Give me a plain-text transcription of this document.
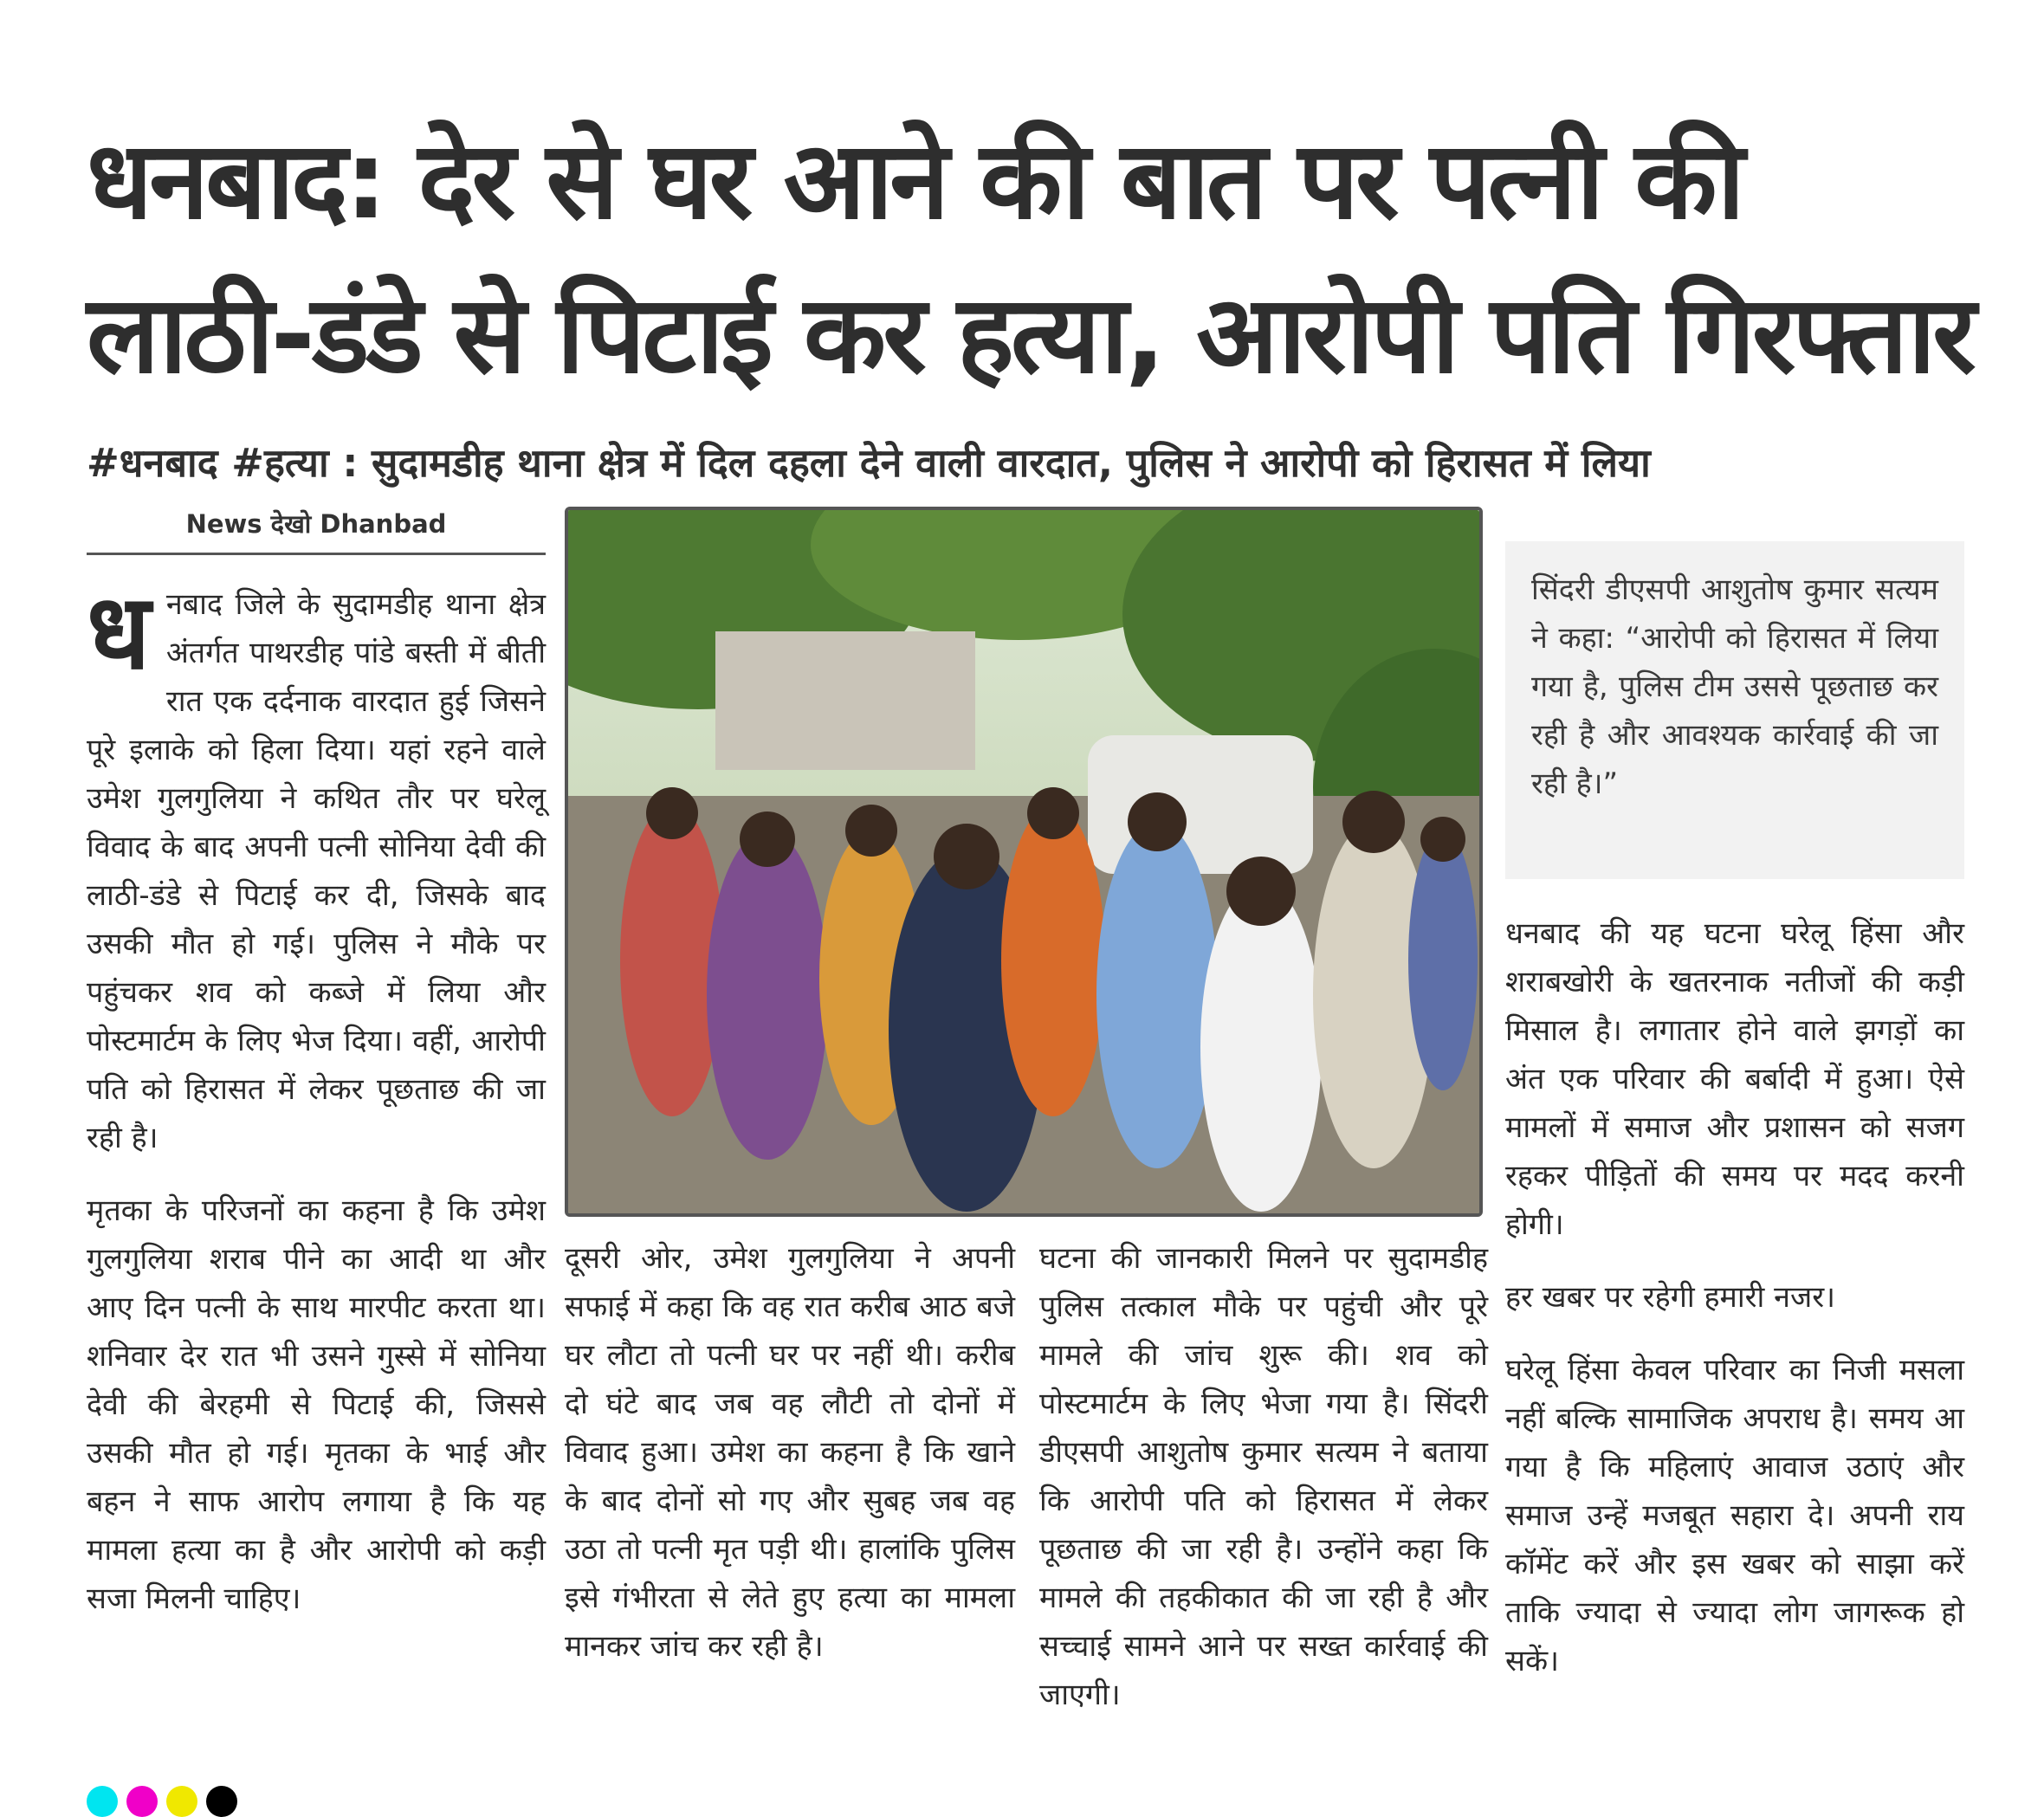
धनबाद: देर से घर आने की बात पर पत्नी की लाठी-डंडे से पिटाई कर हत्या, आरोपी पति गिरफ्तार
#धनबाद #हत्या : सुदामडीह थाना क्षेत्र में दिल दहला देने वाली वारदात, पुलिस ने आरोपी को हिरासत में लिया
News देखो Dhanbad

धनबाद जिले के सुदामडीह थाना क्षेत्र अंतर्गत पाथरडीह पांडे बस्ती में बीती रात एक दर्दनाक वारदात हुई जिसने पूरे इलाके को हिला दिया। यहां रहने वाले उमेश गुलगुलिया ने कथित तौर पर घरेलू विवाद के बाद अपनी पत्नी सोनिया देवी की लाठी-डंडे से पिटाई कर दी, जिसके बाद उसकी मौत हो गई। पुलिस ने मौके पर पहुंचकर शव को कब्जे में लिया और पोस्टमार्टम के लिए भेज दिया। वहीं, आरोपी पति को हिरासत में लेकर पूछताछ की जा रही है।

मृतका के परिजनों का कहना है कि उमेश गुलगुलिया शराब पीने का आदी था और आए दिन पत्नी के साथ मारपीट करता था। शनिवार देर रात भी उसने गुस्से में सोनिया देवी की बेरहमी से पिटाई की, जिससे उसकी मौत हो गई। मृतका के भाई और बहन ने साफ आरोप लगाया है कि यह मामला हत्या का है और आरोपी को कड़ी सजा मिलनी चाहिए।

सिंदरी डीएसपी आशुतोष कुमार सत्यम ने कहा: “आरोपी को हिरासत में लिया गया है, पुलिस टीम उससे पूछताछ कर रही है और आवश्यक कार्रवाई की जा रही है।”

दूसरी ओर, उमेश गुलगुलिया ने अपनी सफाई में कहा कि वह रात करीब आठ बजे घर लौटा तो पत्नी घर पर नहीं थी। करीब दो घंटे बाद जब वह लौटी तो दोनों में विवाद हुआ। उमेश का कहना है कि खाने के बाद दोनों सो गए और सुबह जब वह उठा तो पत्नी मृत पड़ी थी। हालांकि पुलिस इसे गंभीरता से लेते हुए हत्या का मामला मानकर जांच कर रही है।

घटना की जानकारी मिलने पर सुदामडीह पुलिस तत्काल मौके पर पहुंची और पूरे मामले की जांच शुरू की। शव को पोस्टमार्टम के लिए भेजा गया है। सिंदरी डीएसपी आशुतोष कुमार सत्यम ने बताया कि आरोपी पति को हिरासत में लेकर पूछताछ की जा रही है। उन्होंने कहा कि मामले की तहकीकात की जा रही है और सच्चाई सामने आने पर सख्त कार्रवाई की जाएगी।

धनबाद की यह घटना घरेलू हिंसा और शराबखोरी के खतरनाक नतीजों की कड़ी मिसाल है। लगातार होने वाले झगड़ों का अंत एक परिवार की बर्बादी में हुआ। ऐसे मामलों में समाज और प्रशासन को सजग रहकर पीड़ितों की समय पर मदद करनी होगी।

हर खबर पर रहेगी हमारी नजर।

घरेलू हिंसा केवल परिवार का निजी मसला नहीं बल्कि सामाजिक अपराध है। समय आ गया है कि महिलाएं आवाज उठाएं और समाज उन्हें मजबूत सहारा दे। अपनी राय कॉमेंट करें और इस खबर को साझा करें ताकि ज्यादा से ज्यादा लोग जागरूक हो सकें।
